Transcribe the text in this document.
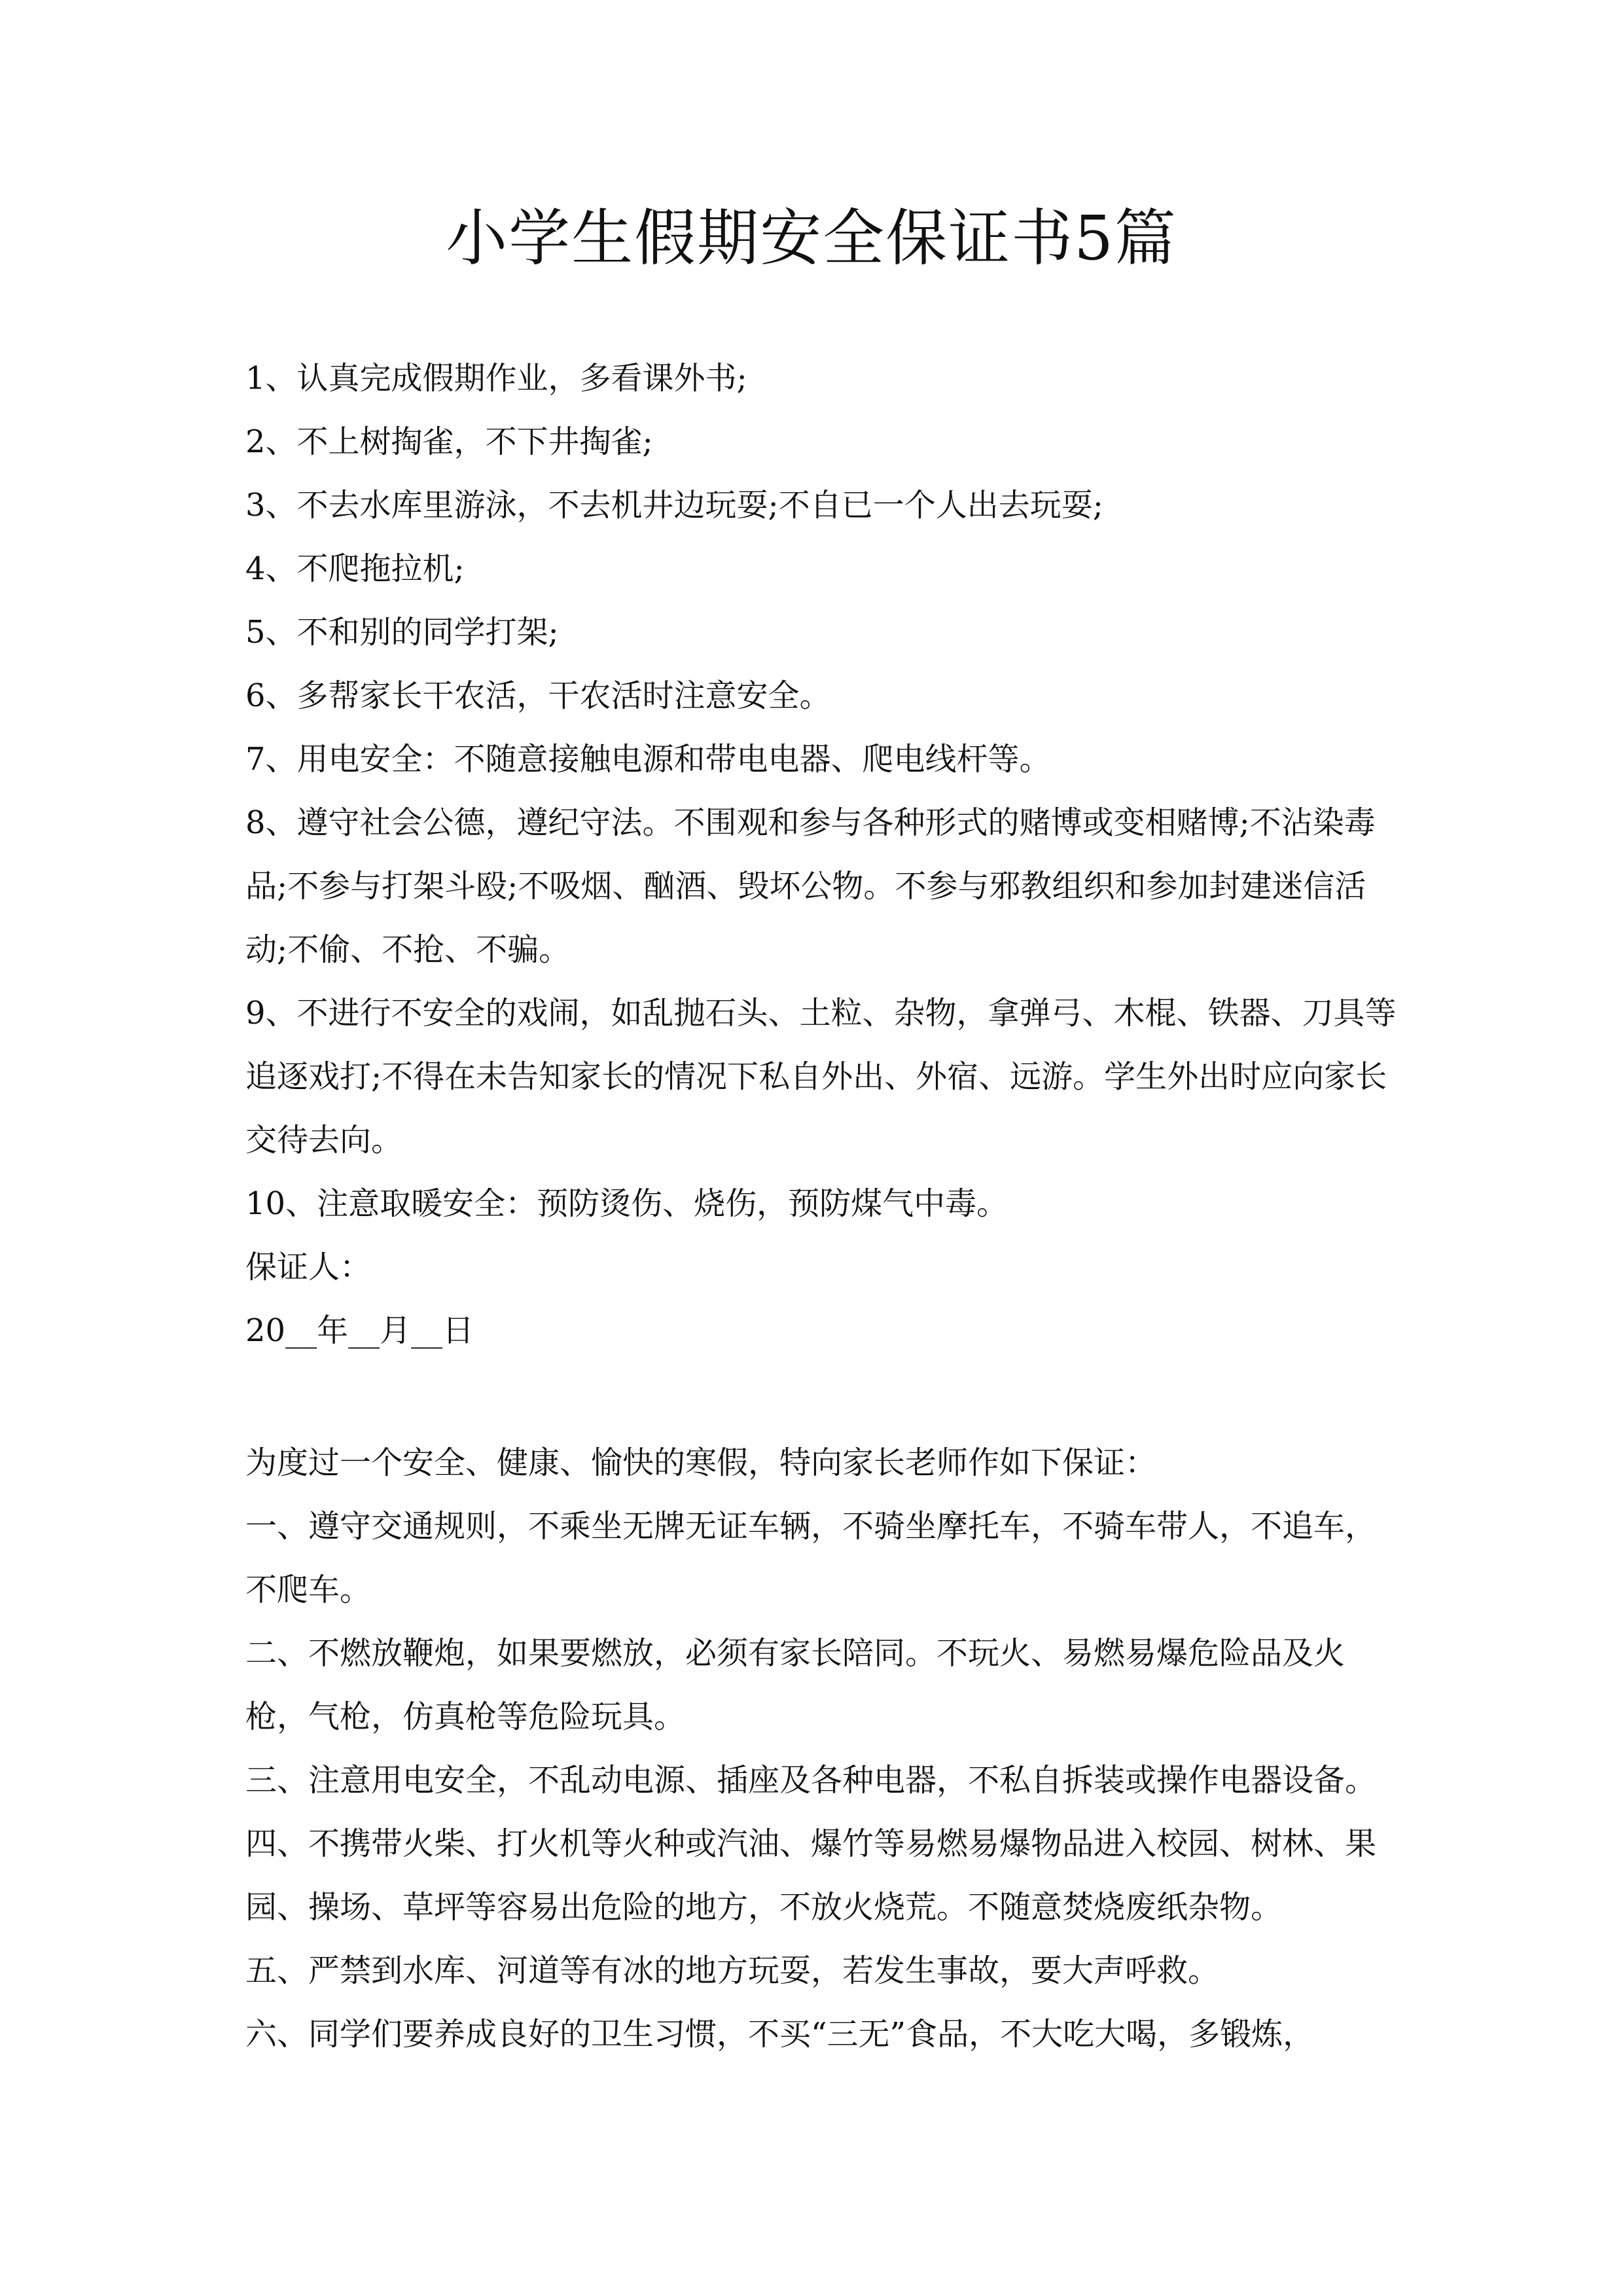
小学生假期安全保证书5篇

1、认真完成假期作业，多看课外书;

2、不上树掏雀，不下井掏雀;

3、不去水库里游泳，不去机井边玩耍;不自已一个人出去玩耍;

4、不爬拖拉机;

5、不和别的同学打架;

6、多帮家长干农活，干农活时注意安全。

7、用电安全：不随意接触电源和带电电器、爬电线杆等。

8、遵守社会公德，遵纪守法。不围观和参与各种形式的赌博或变相赌博;不沾染毒品;不参与打架斗殴;不吸烟、酗酒、毁坏公物。不参与邪教组织和参加封建迷信活动;不偷、不抢、不骗。

9、不进行不安全的戏闹，如乱抛石头、土粒、杂物，拿弹弓、木棍、铁器、刀具等追逐戏打;不得在未告知家长的情况下私自外出、外宿、远游。学生外出时应向家长交待去向。

10、注意取暖安全：预防烫伤、烧伤，预防煤气中毒。

保证人：

20__年__月__日

为度过一个安全、健康、愉快的寒假，特向家长老师作如下保证：

一、遵守交通规则，不乘坐无牌无证车辆，不骑坐摩托车，不骑车带人，不追车，不爬车。

二、不燃放鞭炮，如果要燃放，必须有家长陪同。不玩火、易燃易爆危险品及火枪，气枪，仿真枪等危险玩具。

三、注意用电安全，不乱动电源、插座及各种电器，不私自拆装或操作电器设备。

四、不携带火柴、打火机等火种或汽油、爆竹等易燃易爆物品进入校园、树林、果园、操场、草坪等容易出危险的地方，不放火烧荒。不随意焚烧废纸杂物。

五、严禁到水库、河道等有冰的地方玩耍，若发生事故，要大声呼救。

六、同学们要养成良好的卫生习惯，不买“三无”食品，不大吃大喝，多锻炼，
